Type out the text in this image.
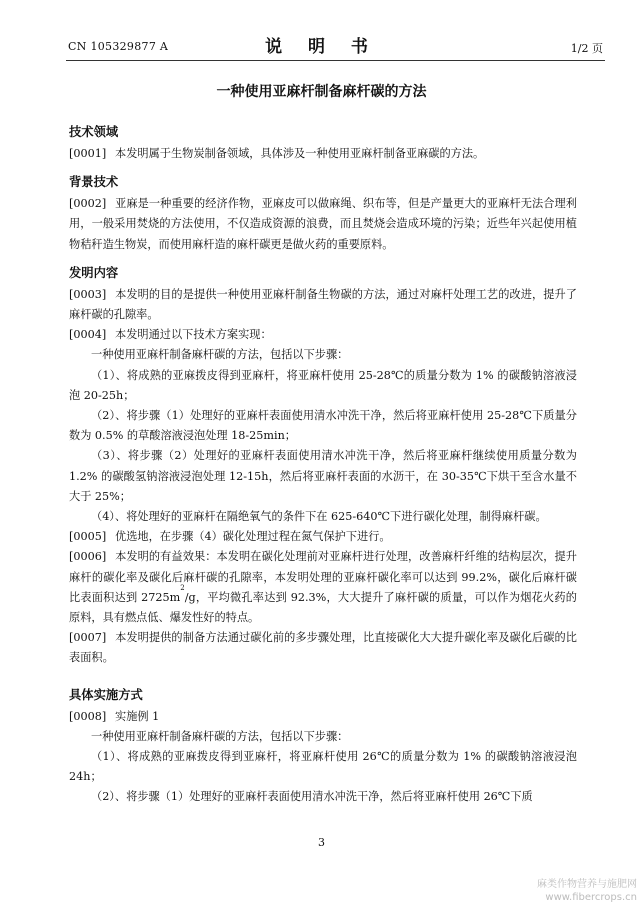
CN 105329877 A	说 明 书	1/2 页
一种使用亚麻杆制备麻杆碳的方法
技术领域

[0001] 本发明属于生物炭制备领域，具体涉及一种使用亚麻杆制备亚麻碳的方法。

背景技术

[0002] 亚麻是一种重要的经济作物，亚麻皮可以做麻绳、织布等，但是产量更大的亚麻杆无法合理利用，一般采用焚烧的方法使用，不仅造成资源的浪费，而且焚烧会造成环境的污染；近些年兴起使用植物秸秆造生物炭，而使用麻杆造的麻杆碳更是做火药的重要原料。

发明内容

[0003] 本发明的目的是提供一种使用亚麻杆制备生物碳的方法，通过对麻杆处理工艺的改进，提升了麻杆碳的孔隙率。

[0004] 本发明通过以下技术方案实现：

一种使用亚麻杆制备麻杆碳的方法，包括以下步骤：

（1）、将成熟的亚麻拨皮得到亚麻杆，将亚麻杆使用 25-28℃的质量分数为 1% 的碳酸钠溶液浸泡 20-25h；

（2）、将步骤（1）处理好的亚麻杆表面使用清水冲洗干净，然后将亚麻杆使用 25-28℃下质量分数为 0.5% 的草酸溶液浸泡处理 18-25min；

（3）、将步骤（2）处理好的亚麻杆表面使用清水冲洗干净，然后将亚麻杆继续使用质量分数为 1.2% 的碳酸氢钠溶液浸泡处理 12-15h，然后将亚麻杆表面的水沥干，在 30-35℃下烘干至含水量不大于 25%；

（4）、将处理好的亚麻杆在隔绝氧气的条件下在 625-640℃下进行碳化处理，制得麻杆碳。

[0005] 优选地，在步骤（4）碳化处理过程在氮气保护下进行。

[0006] 本发明的有益效果：本发明在碳化处理前对亚麻杆进行处理，改善麻杆纤维的结构层次，提升麻杆的碳化率及碳化后麻杆碳的孔隙率，本发明处理的亚麻杆碳化率可以达到 99.2%，碳化后麻杆碳比表面积达到 $2725m^2/g$，平均微孔率达到 92.3%，大大提升了麻杆碳的质量，可以作为烟花火药的原料，具有燃点低、爆发性好的特点。

[0007] 本发明提供的制备方法通过碳化前的多步骤处理，比直接碳化大大提升碳化率及碳化后碳的比表面积。

具体实施方式

[0008] 实施例 1

一种使用亚麻杆制备麻杆碳的方法，包括以下步骤：

（1）、将成熟的亚麻拨皮得到亚麻杆，将亚麻杆使用 26℃的质量分数为 1% 的碳酸钠溶液浸泡 24h；

（2）、将步骤（1）处理好的亚麻杆表面使用清水冲洗干净，然后将亚麻杆使用 26℃下质

3
麻类作物营养与施肥网
www.fibercrops.cn
